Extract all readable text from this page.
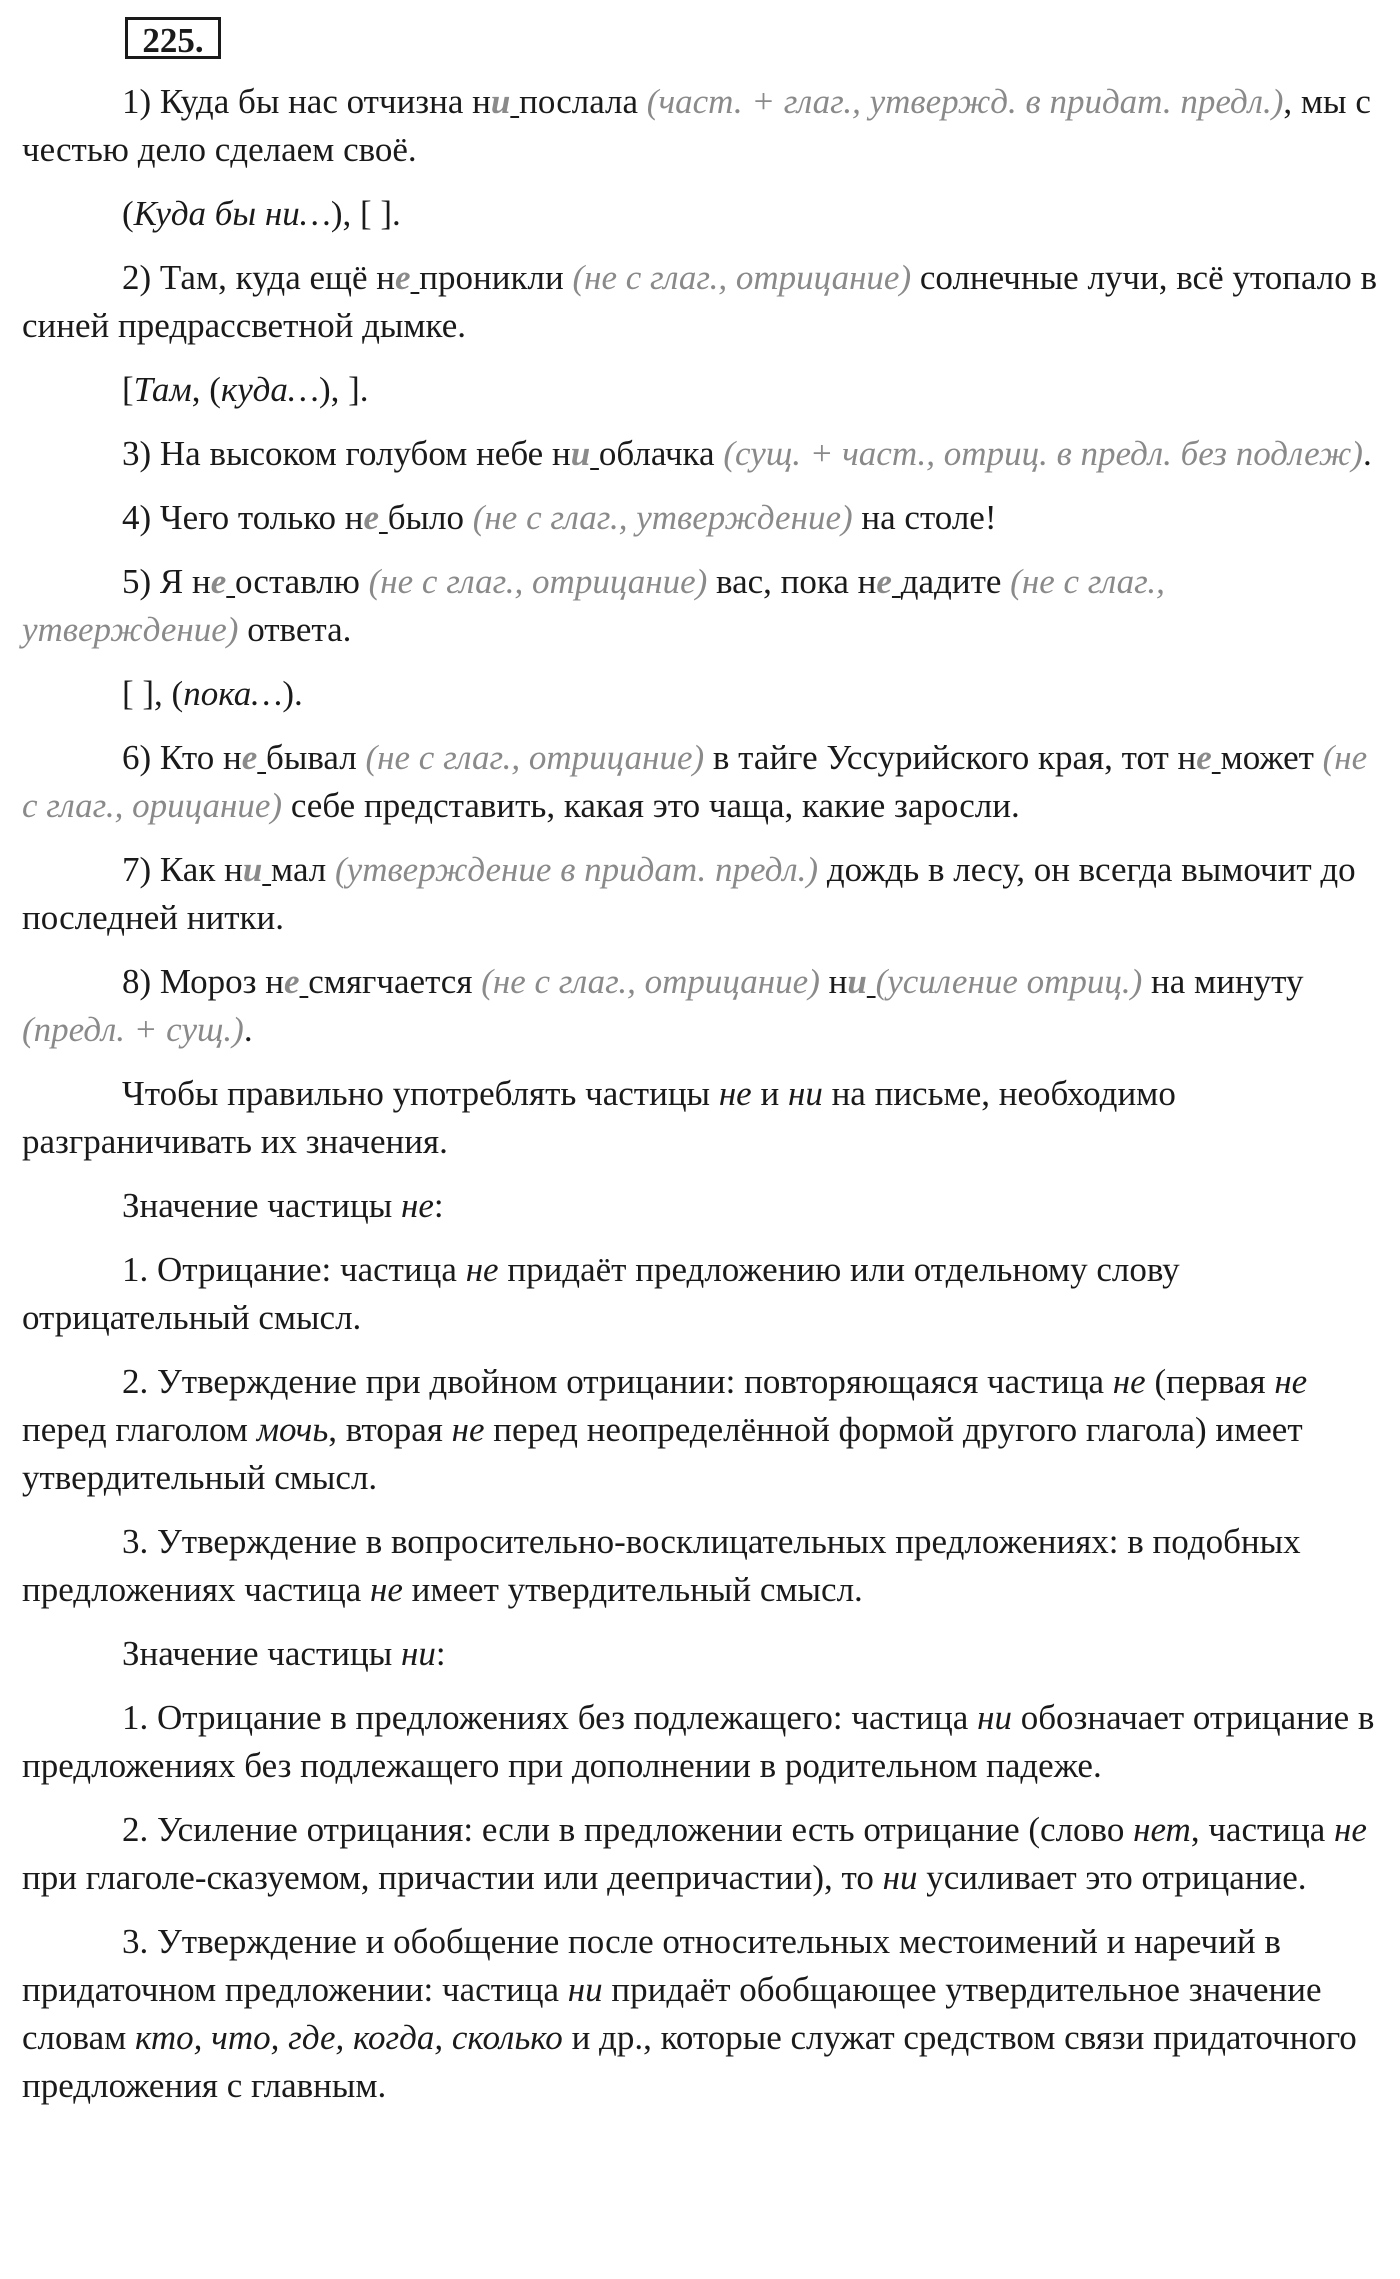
225.

1) Куда бы нас отчизна ни послала (част. + глаг., утвержд. в придат. предл.), мы с честью дело сделаем своё.

(Куда бы ни…), [ ].

2) Там, куда ещё не проникли (не с глаг., отрицание) солнечные лучи, всё утопало в синей предрассветной дымке.

[Там, (куда…), ].

3) На высоком голубом небе ни облачка (сущ. + част., отриц. в предл. без подлеж).

4) Чего только не было (не с глаг., утверждение) на столе!

5) Я не оставлю (не с глаг., отрицание) вас, пока не дадите (не с глаг., утверждение) ответа.

[ ], (пока…).

6) Кто не бывал (не с глаг., отрицание) в тайге Уссурийского края, тот не может (не с глаг., орицание) себе представить, какая это чаща, какие заросли.

7) Как ни мал (утверждение в придат. предл.) дождь в лесу, он всегда вымочит до последней нитки.

8) Мороз не смягчается (не с глаг., отрицание) ни (усиление отриц.) на минуту (предл. + сущ.).

Чтобы правильно употреблять частицы не и ни на письме, необходимо разграничивать их значения.

Значение частицы не:

1. Отрицание: частица не придаёт предложению или отдельному слову отрицательный смысл.

2. Утверждение при двойном отрицании: повторяющаяся частица не (первая не перед глаголом мочь, вторая не перед неопределённой формой другого глагола) имеет утвердительный смысл.

3. Утверждение в вопросительно-восклицательных предложениях: в подобных предложениях частица не имеет утвердительный смысл.

Значение частицы ни:

1. Отрицание в предложениях без подлежащего: частица ни обозначает отрицание в предложениях без подлежащего при дополнении в родительном падеже.

2. Усиление отрицания: если в предложении есть отрицание (слово нет, частица не при глаголе-сказуемом, причастии или деепричастии), то ни усиливает это отрицание.

3. Утверждение и обобщение после относительных местоимений и наречий в придаточном предложении: частица ни придаёт обобщающее утвердительное значение словам кто, что, где, когда, сколько и др., которые служат средством связи придаточного предложения с главным.
